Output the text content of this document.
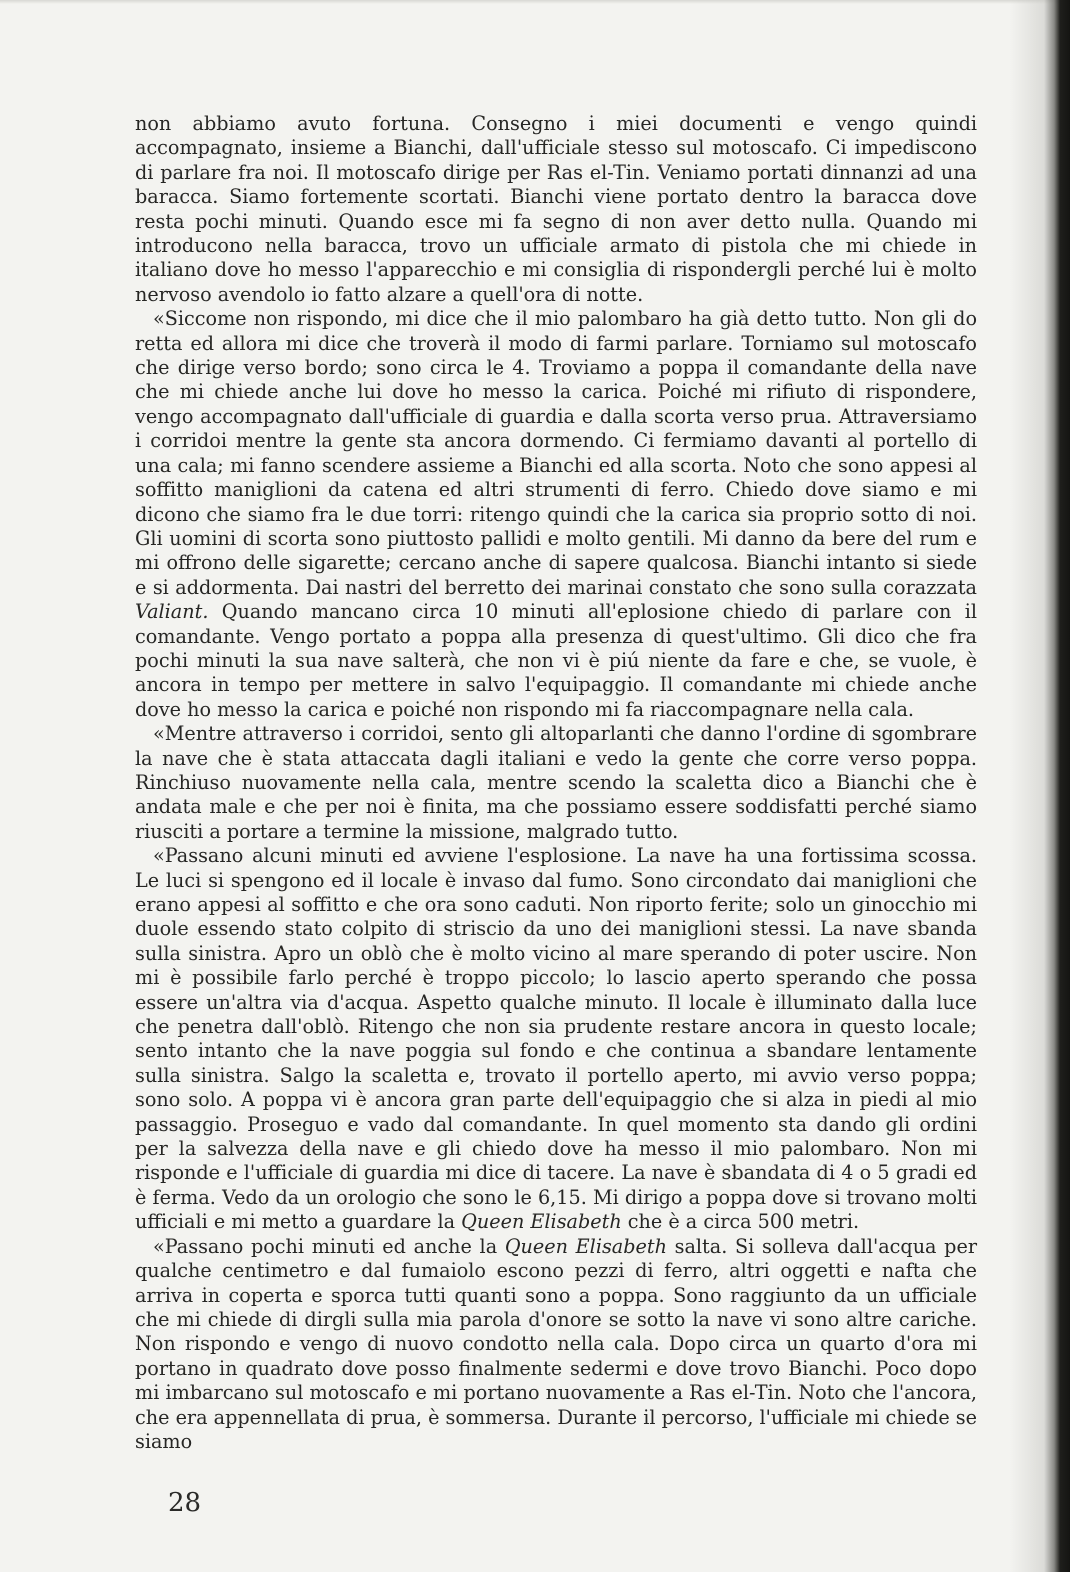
non abbiamo avuto fortuna. Consegno i miei documenti e vengo quindi accompagnato, insieme a Bianchi, dall'ufficiale stesso sul motoscafo. Ci impediscono di parlare fra noi. Il motoscafo dirige per Ras el-Tin. Veniamo portati dinnanzi ad una baracca. Siamo fortemente scortati. Bianchi viene portato dentro la baracca dove resta pochi minuti. Quando esce mi fa segno di non aver detto nulla. Quando mi introducono nella baracca, trovo un ufficiale armato di pistola che mi chiede in italiano dove ho messo l'apparecchio e mi consiglia di rispondergli perché lui è molto nervoso avendolo io fatto alzare a quell'ora di notte.

«Siccome non rispondo, mi dice che il mio palombaro ha già detto tutto. Non gli do retta ed allora mi dice che troverà il modo di farmi parlare. Torniamo sul motoscafo che dirige verso bordo; sono circa le 4. Troviamo a poppa il comandante della nave che mi chiede anche lui dove ho messo la carica. Poiché mi rifiuto di rispondere, vengo accompagnato dall'ufficiale di guardia e dalla scorta verso prua. Attraversiamo i corridoi mentre la gente sta ancora dormendo. Ci fermiamo davanti al portello di una cala; mi fanno scendere assieme a Bianchi ed alla scorta. Noto che sono appesi al soffitto maniglioni da catena ed altri strumenti di ferro. Chiedo dove siamo e mi dicono che siamo fra le due torri: ritengo quindi che la carica sia proprio sotto di noi. Gli uomini di scorta sono piuttosto pallidi e molto gentili. Mi danno da bere del rum e mi offrono delle sigarette; cercano anche di sapere qualcosa. Bianchi intanto si siede e si addormenta. Dai nastri del berretto dei marinai constato che sono sulla corazzata Valiant. Quando mancano circa 10 minuti all'eplosione chiedo di parlare con il comandante. Vengo portato a poppa alla presenza di quest'ultimo. Gli dico che fra pochi minuti la sua nave salterà, che non vi è piú niente da fare e che, se vuole, è ancora in tempo per mettere in salvo l'equipaggio. Il comandante mi chiede anche dove ho messo la carica e poiché non rispondo mi fa riaccompagnare nella cala.

«Mentre attraverso i corridoi, sento gli altoparlanti che danno l'ordine di sgombrare la nave che è stata attaccata dagli italiani e vedo la gente che corre verso poppa. Rinchiuso nuovamente nella cala, mentre scendo la scaletta dico a Bianchi che è andata male e che per noi è finita, ma che possiamo essere soddisfatti perché siamo riusciti a portare a termine la missione, malgrado tutto.

«Passano alcuni minuti ed avviene l'esplosione. La nave ha una fortissima scossa. Le luci si spengono ed il locale è invaso dal fumo. Sono circondato dai maniglioni che erano appesi al soffitto e che ora sono caduti. Non riporto ferite; solo un ginocchio mi duole essendo stato colpito di striscio da uno dei maniglioni stessi. La nave sbanda sulla sinistra. Apro un oblò che è molto vicino al mare sperando di poter uscire. Non mi è possibile farlo perché è troppo piccolo; lo lascio aperto sperando che possa essere un'altra via d'acqua. Aspetto qualche minuto. Il locale è illuminato dalla luce che penetra dall'oblò. Ritengo che non sia prudente restare ancora in questo locale; sento intanto che la nave poggia sul fondo e che continua a sbandare lentamente sulla sinistra. Salgo la scaletta e, trovato il portello aperto, mi avvio verso poppa; sono solo. A poppa vi è ancora gran parte dell'equipaggio che si alza in piedi al mio passaggio. Proseguo e vado dal comandante. In quel momento sta dando gli ordini per la salvezza della nave e gli chiedo dove ha messo il mio palombaro. Non mi risponde e l'ufficiale di guardia mi dice di tacere. La nave è sbandata di 4 o 5 gradi ed è ferma. Vedo da un orologio che sono le 6,15. Mi dirigo a poppa dove si trovano molti ufficiali e mi metto a guardare la Queen Elisabeth che è a circa 500 metri.

«Passano pochi minuti ed anche la Queen Elisabeth salta. Si solleva dall'acqua per qualche centimetro e dal fumaiolo escono pezzi di ferro, altri oggetti e nafta che arriva in coperta e sporca tutti quanti sono a poppa. Sono raggiunto da un ufficiale che mi chiede di dirgli sulla mia parola d'onore se sotto la nave vi sono altre cariche. Non rispondo e vengo di nuovo condotto nella cala. Dopo circa un quarto d'ora mi portano in quadrato dove posso finalmente sedermi e dove trovo Bianchi. Poco dopo mi imbarcano sul motoscafo e mi portano nuovamente a Ras el-Tin. Noto che l'ancora, che era appennellata di prua, è sommersa. Durante il percorso, l'ufficiale mi chiede se siamo

28
